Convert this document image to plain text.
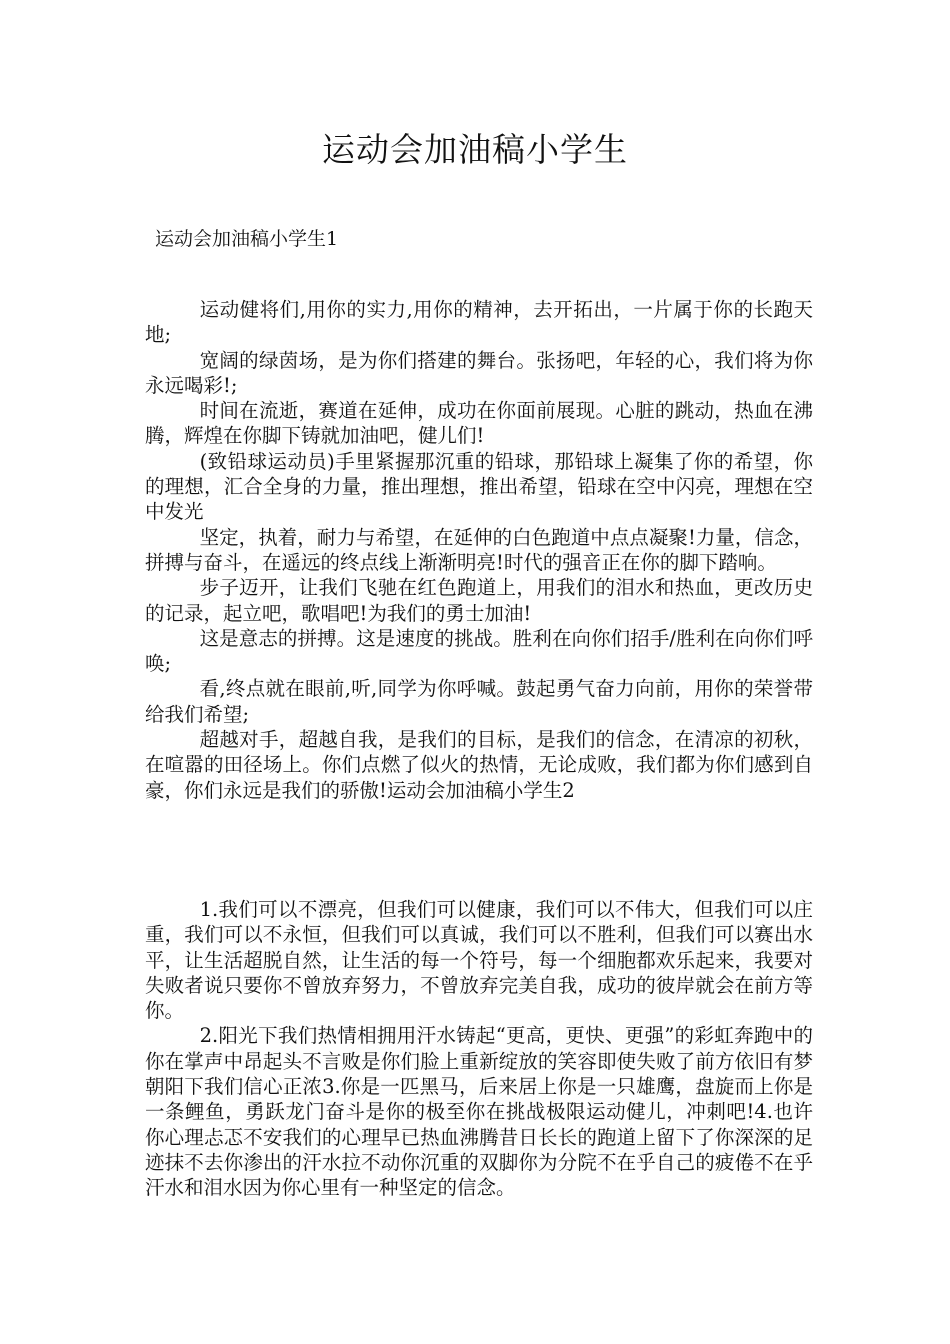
运动会加油稿小学生
运动会加油稿小学生1

运动健将们,用你的实力,用你的精神，去开拓出，一片属于你的长跑天地;

宽阔的绿茵场，是为你们搭建的舞台。张扬吧，年轻的心，我们将为你永远喝彩!;

时间在流逝，赛道在延伸，成功在你面前展现。心脏的跳动，热血在沸腾，辉煌在你脚下铸就加油吧，健儿们!

(致铅球运动员)手里紧握那沉重的铅球，那铅球上凝集了你的希望，你的理想，汇合全身的力量，推出理想，推出希望，铅球在空中闪亮，理想在空中发光

坚定，执着，耐力与希望，在延伸的白色跑道中点点凝聚!力量，信念，拼搏与奋斗，在遥远的终点线上渐渐明亮!时代的强音正在你的脚下踏响。

步子迈开，让我们飞驰在红色跑道上，用我们的泪水和热血，更改历史的记录，起立吧，歌唱吧!为我们的勇士加油!

这是意志的拼搏。这是速度的挑战。胜利在向你们招手/胜利在向你们呼唤;

看,终点就在眼前,听,同学为你呼喊。鼓起勇气奋力向前，用你的荣誉带给我们希望;

超越对手，超越自我，是我们的目标，是我们的信念，在清凉的初秋，在喧嚣的田径场上。你们点燃了似火的热情，无论成败，我们都为你们感到自豪，你们永远是我们的骄傲!运动会加油稿小学生2

1.我们可以不漂亮，但我们可以健康，我们可以不伟大，但我们可以庄重，我们可以不永恒，但我们可以真诚，我们可以不胜利，但我们可以赛出水平，让生活超脱自然，让生活的每一个符号，每一个细胞都欢乐起来，我要对失败者说只要你不曾放弃努力，不曾放弃完美自我，成功的彼岸就会在前方等你。

2.阳光下我们热情相拥用汗水铸起“更高，更快、更强”的彩虹奔跑中的你在掌声中昂起头不言败是你们脸上重新绽放的笑容即使失败了前方依旧有梦朝阳下我们信心正浓3.你是一匹黑马，后来居上你是一只雄鹰，盘旋而上你是一条鲤鱼，勇跃龙门奋斗是你的极至你在挑战极限运动健儿，冲刺吧!4.也许你心理忐忑不安我们的心理早已热血沸腾昔日长长的跑道上留下了你深深的足迹抹不去你渗出的汗水拉不动你沉重的双脚你为分院不在乎自己的疲倦不在乎汗水和泪水因为你心里有一种坚定的信念。
